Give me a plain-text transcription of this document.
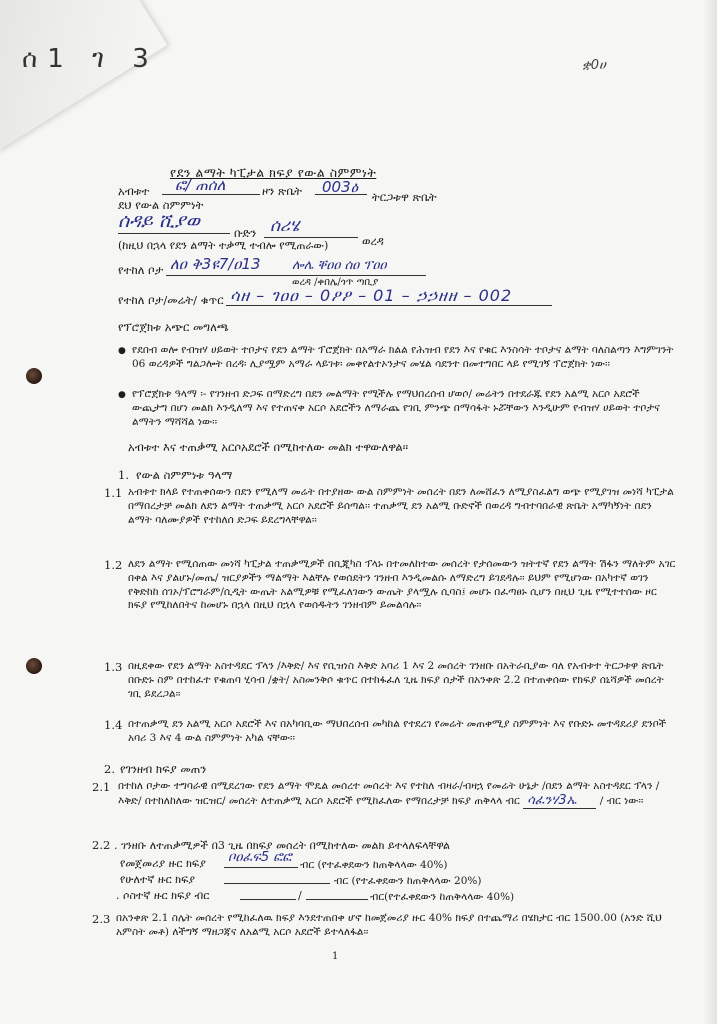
ሰ1 ገ 3	ቋ0ሀ
የደን ልማት ካፒታል ክፍያ የውል ስምምነት
አብቱተ ፎ/ ጠሰለ	ዞን ጽቤት 003ዕ
ትርጋቱዋ ጽቤት
ደህ የውል ስምምነት
ሰዳይ ሺያወ
ቡድን ሰሪሄ
ወረዳ
(ከዚህ በኋላ የደን ልማት ተቃሚ ተብሎ የሚጠራው)
የተከለ ቦታ ለዐ ቅ3ዩ7/ዐ13 ሎሌ ቐዐዐ ሰዐ ፕዐዐ
ወረዳ /ቀበሌ/ጎጥ ጣቢያ
የተከለ ቦታ/መሬት/ ቁጥር ሳዘ – ገዐዐ – 0ዖዖ – 01 – ኃኃዘዘ – 002
የፕሮጀክቱ አጭር መግለጫ
● የደበብ ወሎ የብዝሃ ሀይወት ተቦታና የደን ልማት ፕሮጀክት በአማራ ክልል የሕዝብ የደን እና የቁር እንስሳት ተቦታና ልማት ባለስልጣን እግምገንት 06 ወረዳዎች ግልጋሎት በረዳ፡ ሊያሟም አማራ ላይገቱ፡ መቀየልተኦንታና መሄል ሳደንተ በመተግበር ላይ የሚገኝ ፕሮጀክት ነው፡፡
● የፕሮጀክቱ ዓላማ ፡- የገንዘብ ድጋፍ በማድረግ በደን መልማት የሚችሉ የማህበረሰብ ሆወሶ/ መሬትን በተደራጁ የደን አልሚ አርሶ አደሮች ውጪታግ በሆነ መልክ እንዲለማ እና የተጠናቀ አርሶ አደሮችን ለማራጨ የገቢ ምንጭ በማሳፋት ኑሯቸውን እንዲሁም የብዝሃ ሀይወት ተቦታና ልማትን ማሻሻል ነው፡፡
አብቱተ እና ተጠቃሚ አርሶአደሮች በሚከተለው መልክ ተዋውለዋል፡፡
1. የውል ስምምነቱ ዓላማ
1.1 አብቱተ ክላይ የተጠቀሰውን በደን የሚለማ መሬት በተያዘው ውል ስምምነት መሰረት በደን ለመሸፈን ለሚያስፈልግ ወጭ የሚያገዝ መነሻ ካፒታል በማበረታቻ መልክ ለደን ልማት ተጠቃሚ አርሶ አደሮች ይሰጣል፡፡ ተጠቃሚ ደን አልሚ ቡድኖች በወረዳ ግብተባበራዊ ጽቤት አማካኝነት በደን ልማት ባለሙያዎች የተከለሰ ድጋፍ ይደረግላቸዋል፡፡
1.2 ለደን ልማት የሚሰጠው መነሻ ካፒታል ተጠቃሚዎች በቢጂካስ ፕላኑ በተመለከተው መሰረት የታሰመውን ዝትተኛ የደን ልማት ሽፋን ማለትም አገር በቀል እና ያልሆኑ/መጤ/ ዝርያዎችን ማልማት እልቸሉ የወሰደትን ገንዘብ እንዲመልሱ ለማድረግ ይገደዳሉ፡፡ ይህም የሚሆነው በአካተኛ ወገን የቅድከከ ሰገኦ/ፕሮግራም/ሲዲት ውጤት አልሚዎቹ የሚፈለገውን ውጤት ያላሟሉ ሲባስ፤ መሆኑ በፈጣፀኑ ሲሆን በዚህ ጊዜ የሚተተሰው ዞር ክፍያ የሚከለበትና ከመሆኑ በኋላ በዚህ በኋላ የወሰዱትን ገንዘብም ይመልሳሉ፡፡
1.3 በዚደቀው የደን ልማት አስተዳደር ፕላን /እቅድ/ እና የቢዝነስ እቅድ አባሪ 1 እና 2 መሰረት ገንዘቡ በአትራቢያው ባለ የአብቱተ ትርጋቱዋ ጽቤት በቡድኑ ስም በተከፈተ የቁጠባ ሂሳብ /ቋት/ አስመንቅሶ ቁጥር በተከፋፈለ ጊዜ ክፍያ ሰታች በአንቀጽ 2.2 በተጠቀሰው የክፍያ ሰኒሻዎች መሰረት ገቢ ይደረጋል፡፡
1.4 በተጠቃሚ ደን አልሚ አርሶ አደሮች እና በአካባቢው ማህበረሰብ መካከል የተደረገ የመሬት መጠቀሚያ ስምምነት እና የቡድኑ መተዳደሪያ ደንቦች አባሪ 3 እና 4 ውል ስምምነት አካል ናቸው፡፡
2. የገንዘብ ክፍያ መጠን
2.1 በተከለ ቦታው ተግባራዊ በሚደረገው የደን ልማት ሞዴል መሰረተ መሰረት እና የተከለ ብዛራ/ብዛኋ የመሬት ሁኔታ /በደን ልማት አስተዳደር ፕላን /እቅድ/ በተከለከለው ዝርዝር/ መሰረት ለተጠቃሚ አርሶ አደሮች የሚከፈለው የማበረታቻ ክፍያ ጠቅላላ ብር ሳፈንሃ3ኤ / ብር ነው፡፡
2.2 . ገንዘቡ ለተጠቃሚዎች በ3 ጊዜ በክፍያ መሰረት በሚከተለው መልክ ይተላለፍላቸዋል
የመጀመሪያ ዙር ክፍያ ቦዐፈፍ5 ፎፎ ብር (የተፈቀደውን ከጠቅላላው 40%)
የሁለተኛ ዙር ክፍያ	ብር (የተፈቀደውን ከጠቅላላው 20%)
. ሶስተኛ ዙር ክፍያ ብር	/	ብር(የተፈቀደውን ከጠቅላላው 40%)
2.3 በአንቀጽ 2.1 ስሌት መሰረት የሚከፈለዉ ክፍያ እንደተጠበቀ ሆኖ ከመጀመሪያ ዙር 40% ክፍያ በተጨማሪ በሄክታር ብር 1500.00 (አንድ ሺህ አምስት መቶ) ለችግኝ ማዘጋጃና ለአልሚ አርሶ አደሮች ይተላለፋል፡፡
1
